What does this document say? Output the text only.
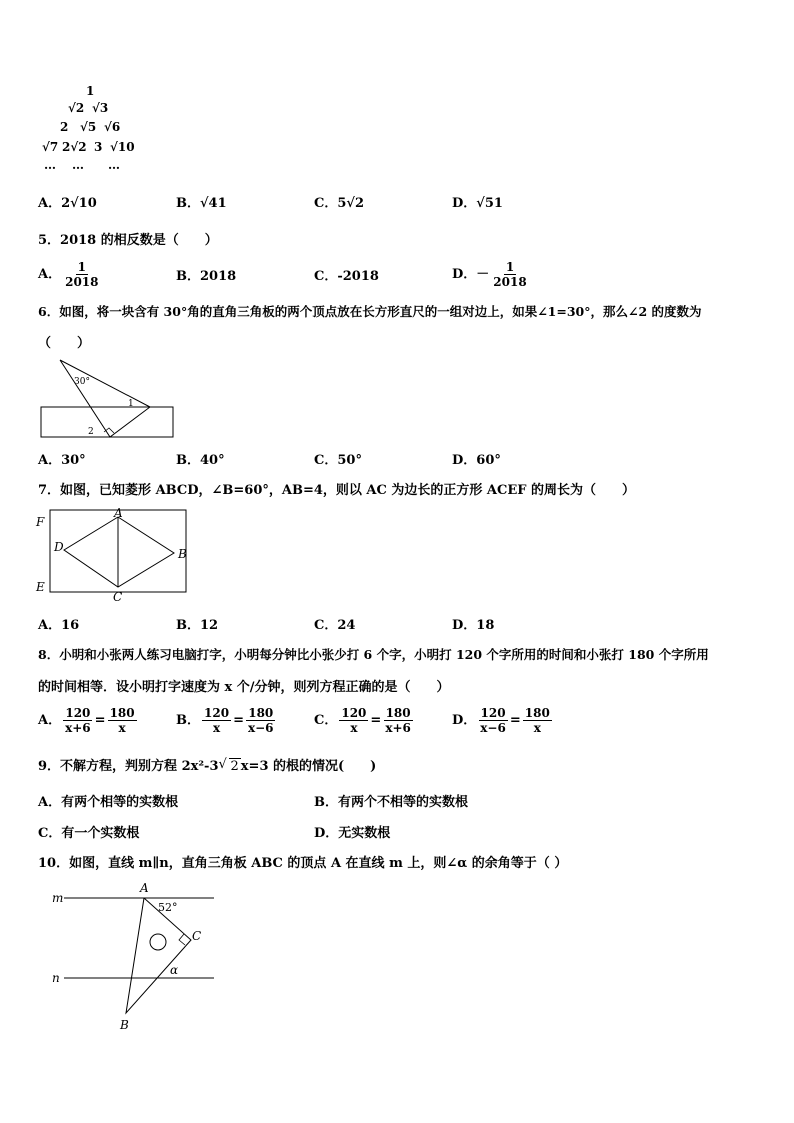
1
√2 √3
2 √5 √6
√7 2√2 3 √10
… … …
A．2√10	B．√41	C．5√2	D．√51
5．2018 的相反数是（　　）
A． $\frac{1}{2018}$	B．2018	C．-2018	D．－ $\frac{1}{2018}$
6．如图，将一块含有 30°角的直角三角板的两个顶点放在长方形直尺的一组对边上，如果∠1=30°，那么∠2 的度数为
（　　）
30°
1
2
A．30°	B．40°	C．50°	D．60°
7．如图，已知菱形 ABCD，∠B=60°，AB=4，则以 AC 为边长的正方形 ACEF 的周长为（　　）
F
A
D	B
E
C
A．16	B．12	C．24	D．18
8．小明和小张两人练习电脑打字，小明每分钟比小张少打 6 个字，小明打 120 个字所用的时间和小张打 180 个字所用
的时间相等．设小明打字速度为 x 个/分钟，则列方程正确的是（　　）
A． $\frac{120}{x+6} = \frac{180}{x}$	B． $\frac{120}{x} = \frac{180}{x-6}$	C． $\frac{120}{x} = \frac{180}{x+6}$	D． $\frac{120}{x-6} = \frac{180}{x}$
9．不解方程，判别方程 2x²-3 √ 2 x=3 的根的情况(　　)
A．有两个相等的实数根	B．有两个不相等的实数根
C．有一个实数根	D．无实数根
10．如图，直线 m∥n，直角三角板 ABC 的顶点 A 在直线 m 上，则∠α 的余角等于（ ）
m
n
A
C
B
52°
α
